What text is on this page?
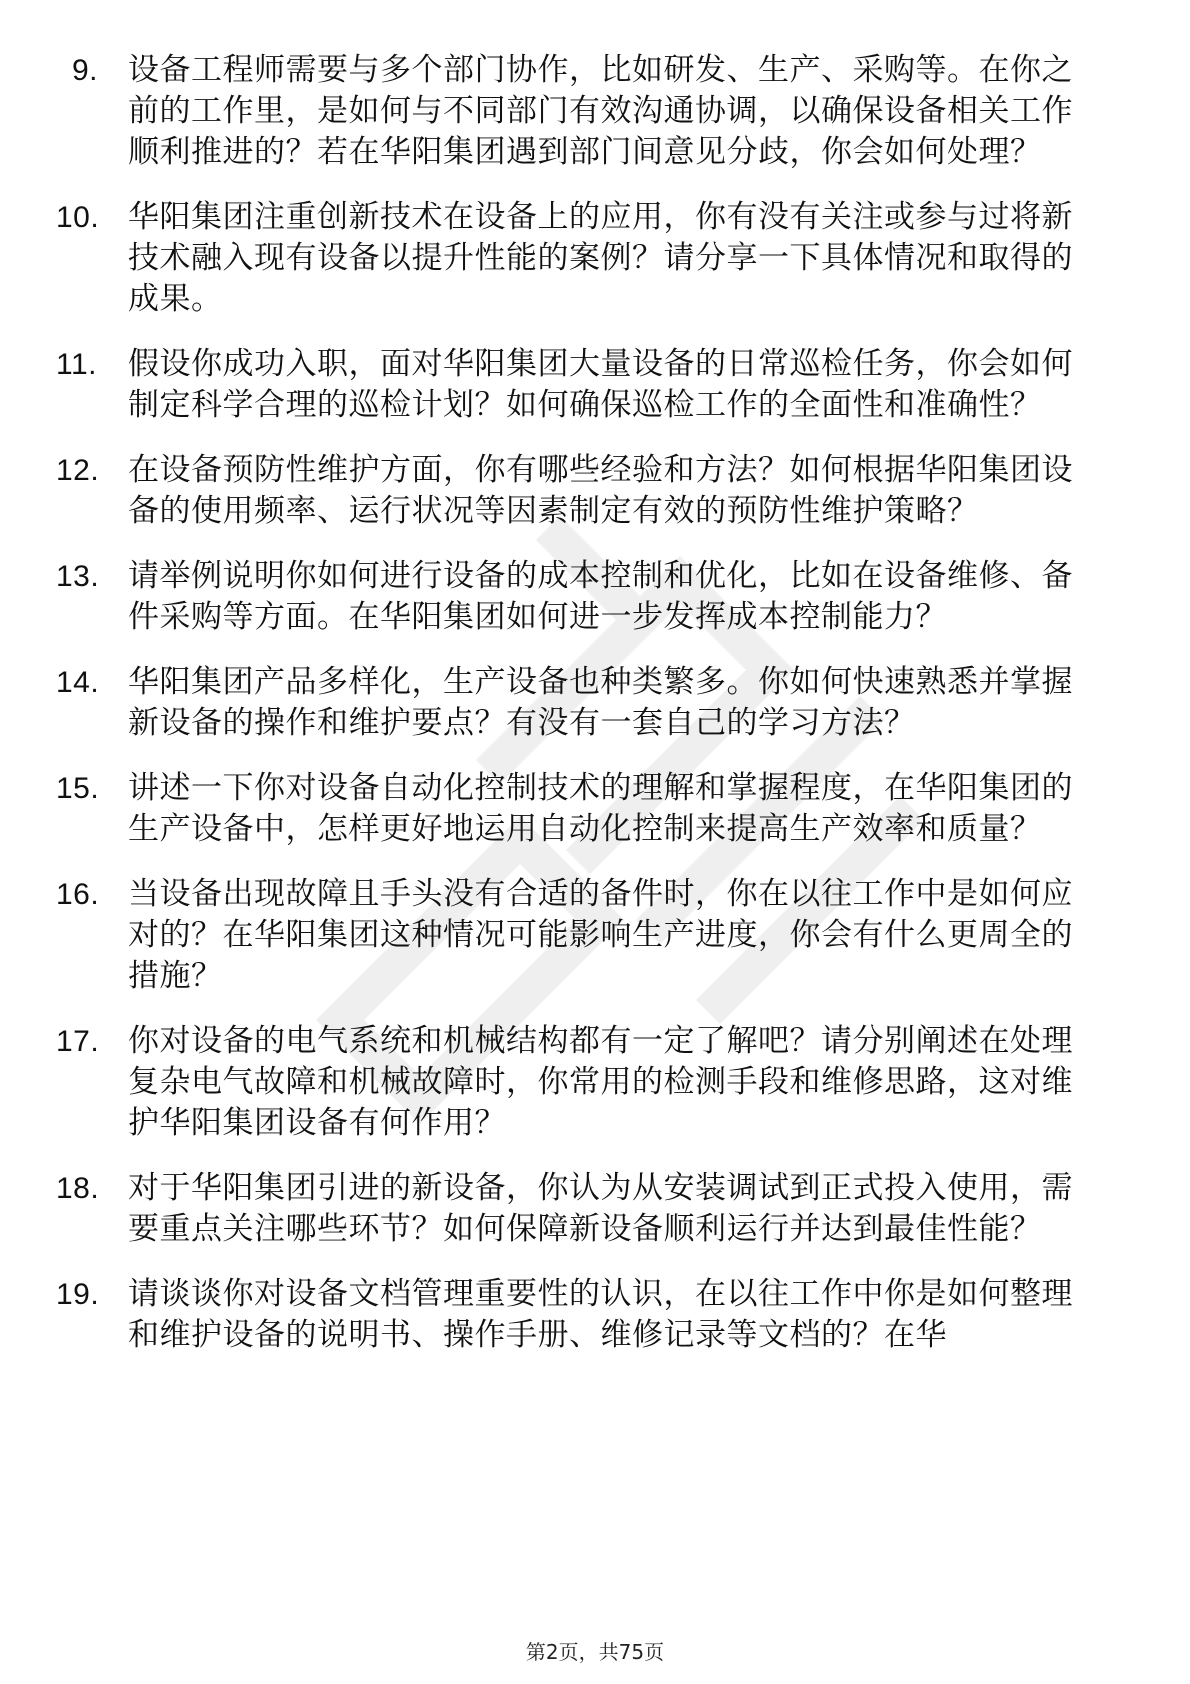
9. 设备工程师需要与多个部门协作，比如研发、生产、采购等。在你之前的工作里，是如何与不同部门有效沟通协调，以确保设备相关工作顺利推进的？若在华阳集团遇到部门间意见分歧，你会如何处理？
10. 华阳集团注重创新技术在设备上的应用，你有没有关注或参与过将新技术融入现有设备以提升性能的案例？请分享一下具体情况和取得的成果。
11.	假设你成功入职，面对华阳集团大量设备的日常巡检任务，你会如何制定科学合理的巡检计划？如何确保巡检工作的全面性和准确性？
12. 在设备预防性维护方面，你有哪些经验和方法？如何根据华阳集团设备的使用频率、运行状况等因素制定有效的预防性维护策略？
13. 请举例说明你如何进行设备的成本控制和优化，比如在设备维修、备件采购等方面。在华阳集团如何进一步发挥成本控制能力？
14. 华阳集团产品多样化，生产设备也种类繁多。你如何快速熟悉并掌握新设备的操作和维护要点？有没有一套自己的学习方法？
15. 讲述一下你对设备自动化控制技术的理解和掌握程度，在华阳集团的生产设备中，怎样更好地运用自动化控制来提高生产效率和质量？
16. 当设备出现故障且手头没有合适的备件时，你在以往工作中是如何应对的？在华阳集团这种情况可能影响生产进度，你会有什么更周全的措施？
17. 你对设备的电气系统和机械结构都有一定了解吧？请分别阐述在处理复杂电气故障和机械故障时，你常用的检测手段和维修思路，这对维护华阳集团设备有何作用？
18. 对于华阳集团引进的新设备，你认为从安装调试到正式投入使用，需要重点关注哪些环节？如何保障新设备顺利运行并达到最佳性能？
19. 请谈谈你对设备文档管理重要性的认识，在以往工作中你是如何整理和维护设备的说明书、操作手册、维修记录等文档的？在华
第2页，共75页
